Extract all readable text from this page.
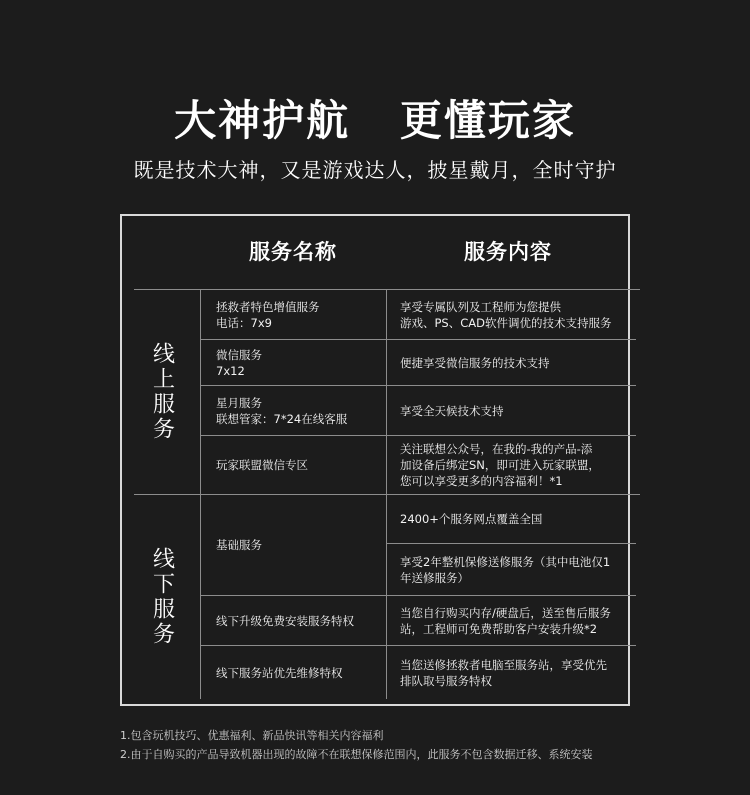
大神护航   更懂玩家
既是技术大神，又是游戏达人，披星戴月，全时守护
服务名称	服务内容
线上服务
线下服务
拯救者特色增值服务
电话：7x9
享受专属队列及工程师为您提供
游戏、PS、CAD软件调优的技术支持服务
微信服务
7x12
便捷享受微信服务的技术支持
星月服务
联想管家：7*24在线客服
享受全天候技术支持
玩家联盟微信专区
关注联想公众号，在我的-我的产品-添
加设备后绑定SN，即可进入玩家联盟，
您可以享受更多的内容福利！*1
基础服务
2400+个服务网点覆盖全国
享受2年整机保修送修服务（其中电池仅1
年送修服务）
线下升级免费安装服务特权
当您自行购买内存/硬盘后，送至售后服务
站，工程师可免费帮助客户安装升级*2
线下服务站优先维修特权
当您送修拯救者电脑至服务站，享受优先
排队取号服务特权
1.包含玩机技巧、优惠福利、新品快讯等相关内容福利
2.由于自购买的产品导致机器出现的故障不在联想保修范围内，此服务不包含数据迁移、系统安装
